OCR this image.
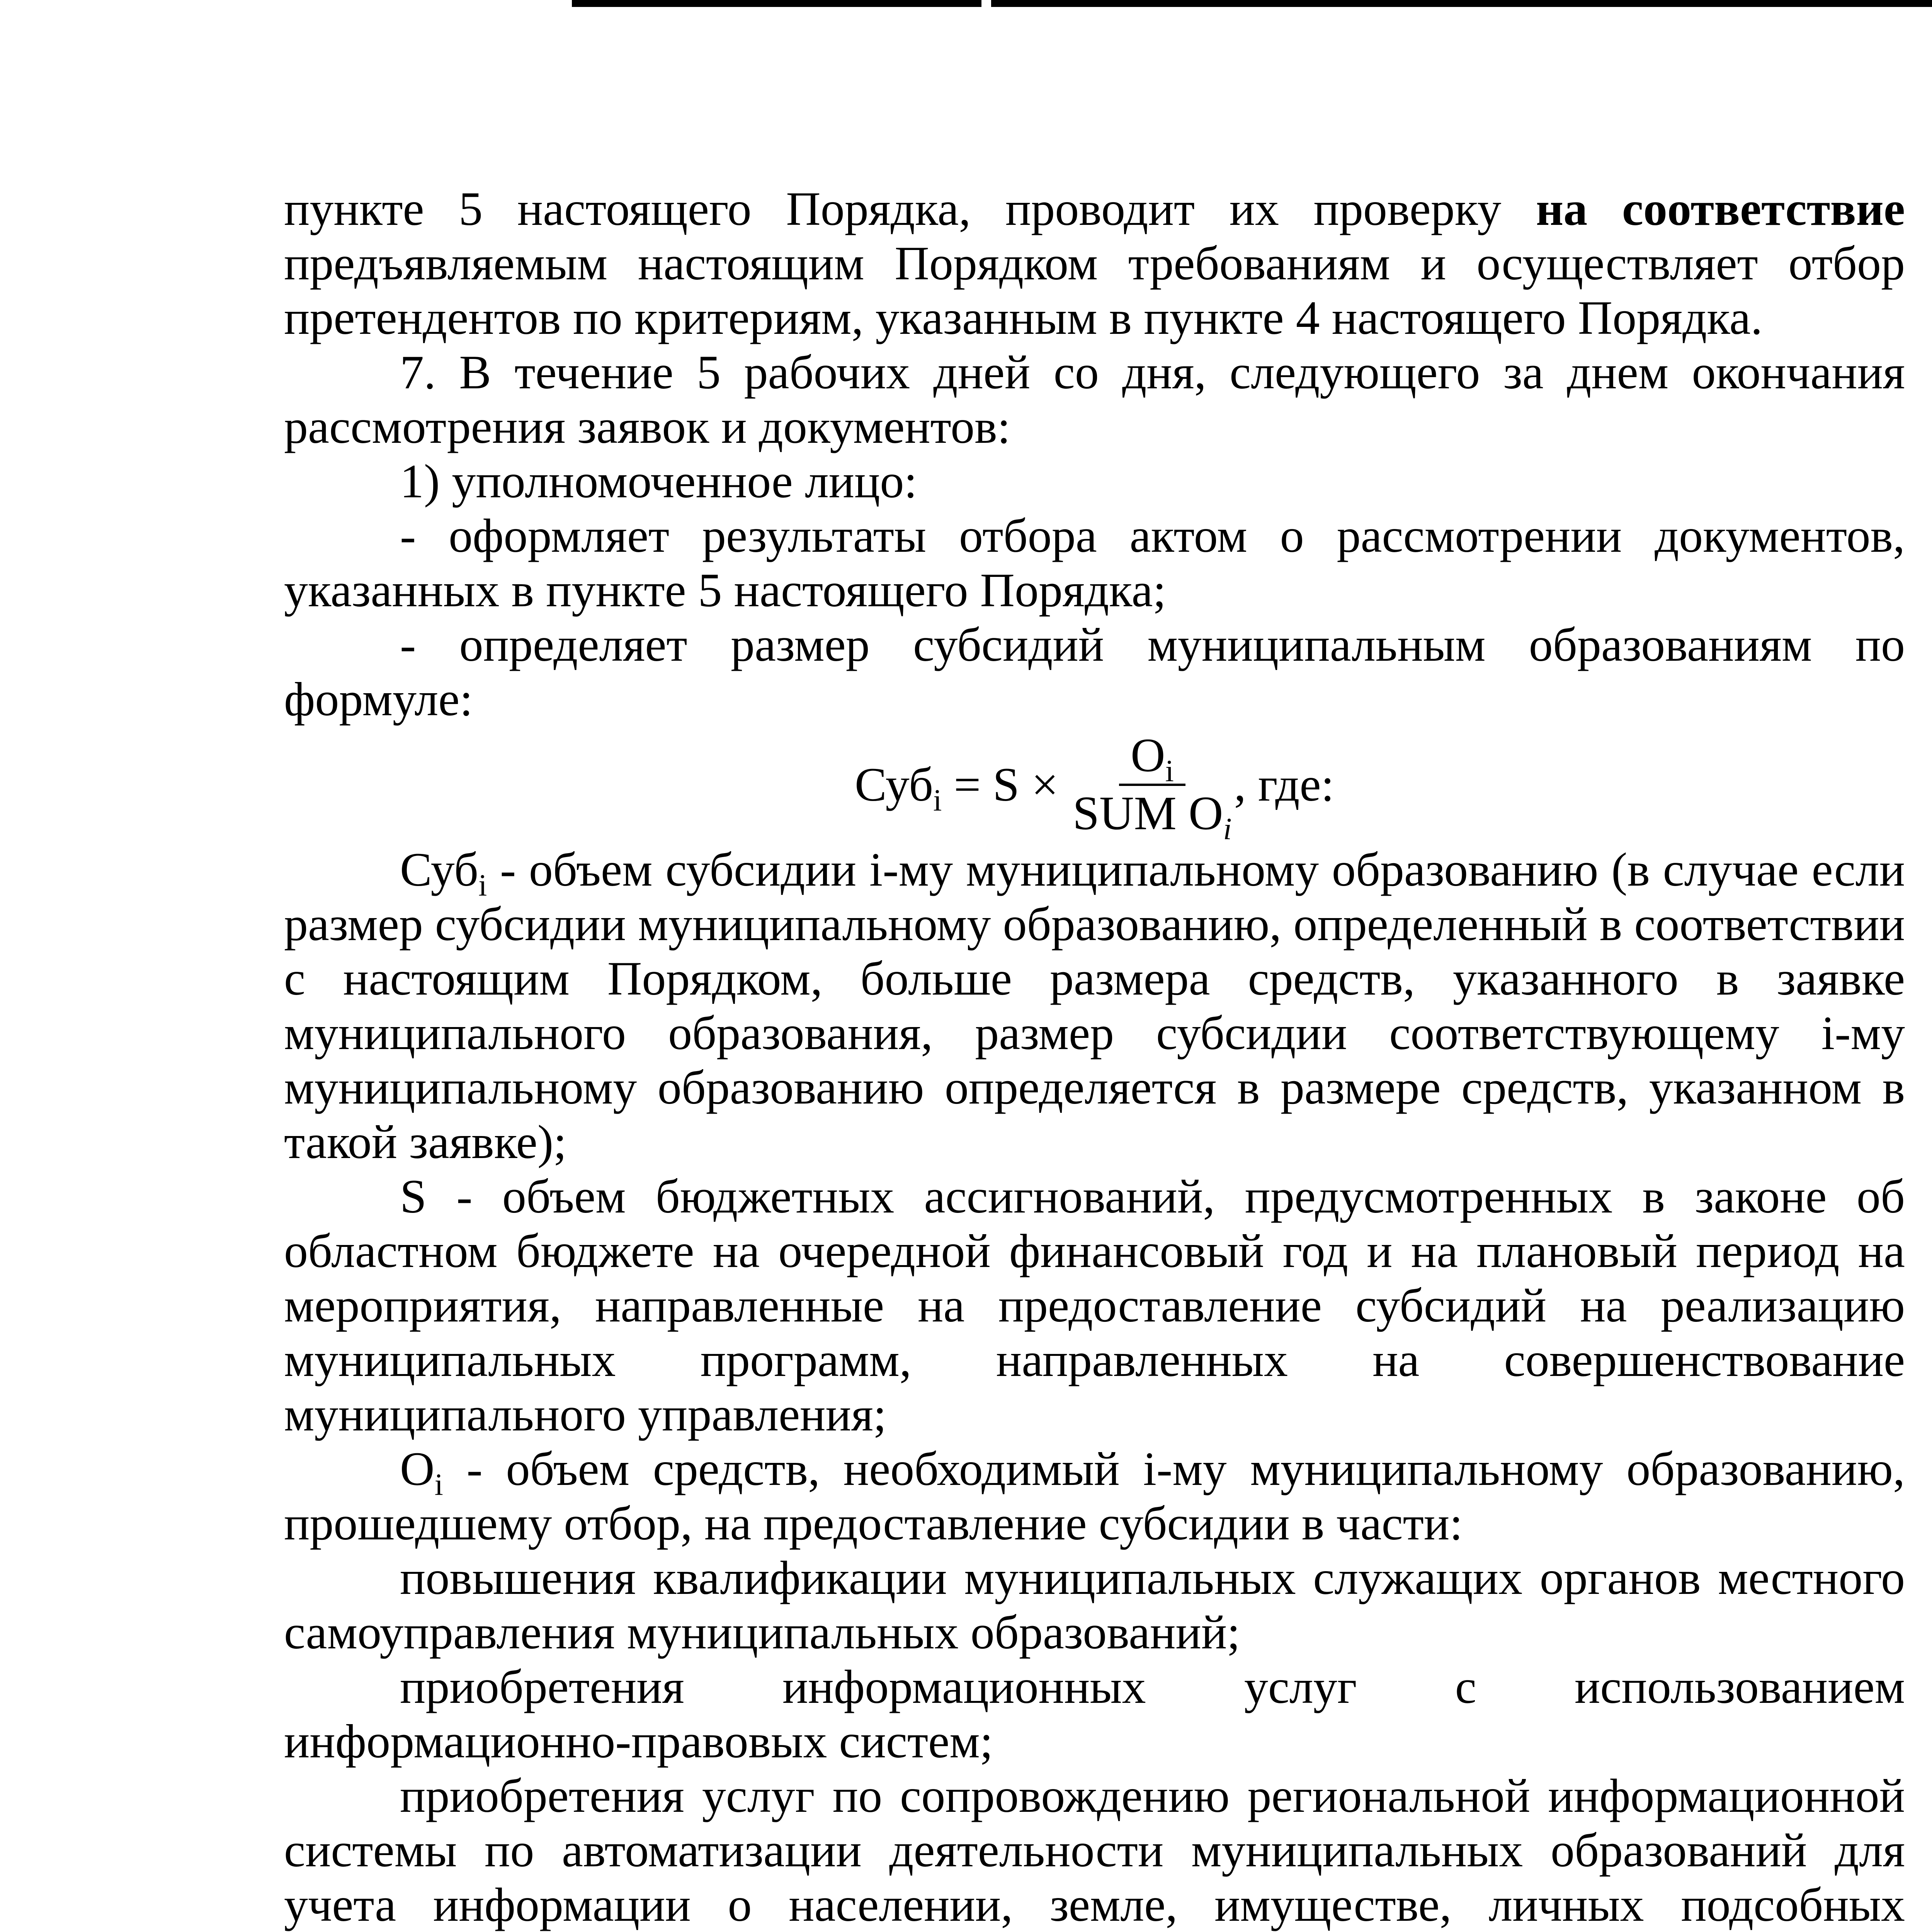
пункте 5 настоящего Порядка, проводит их проверку на соответствие предъявляемым настоящим Порядком требованиям и осуществляет отбор претендентов по критериям, указанным в пункте 4 настоящего Порядка.

7. В течение 5 рабочих дней со дня, следующего за днем окончания рассмотрения заявок и документов:

1) уполномоченное лицо:

- оформляет результаты отбора актом о рассмотрении документов, указанных в пункте 5 настоящего Порядка;

- определяет размер субсидий муниципальным образованиям по формуле:

$Суб_i = S \times \frac{O_i}{SUM O_i}$ , где:

Суб$_i$ - объем субсидии i-му муниципальному образованию (в случае если размер субсидии муниципальному образованию, определенный в соответствии с настоящим Порядком, больше размера средств, указанного в заявке муниципального образования, размер субсидии соответствующему i-му муниципальному образованию определяется в размере средств, указанном в такой заявке);

S - объем бюджетных ассигнований, предусмотренных в законе об областном бюджете на очередной финансовый год и на плановый период на мероприятия, направленные на предоставление субсидий на реализацию муниципальных программ, направленных на совершенствование муниципального управления;

$O_i$ - объем средств, необходимый i-му муниципальному образованию, прошедшему отбор, на предоставление субсидии в части:

повышения квалификации муниципальных служащих органов местного самоуправления муниципальных образований;

приобретения информационных услуг с использованием информационно-правовых систем;

приобретения услуг по сопровождению региональной информационной системы по автоматизации деятельности муниципальных образований для учета информации о населении, земле, имуществе, личных подсобных
